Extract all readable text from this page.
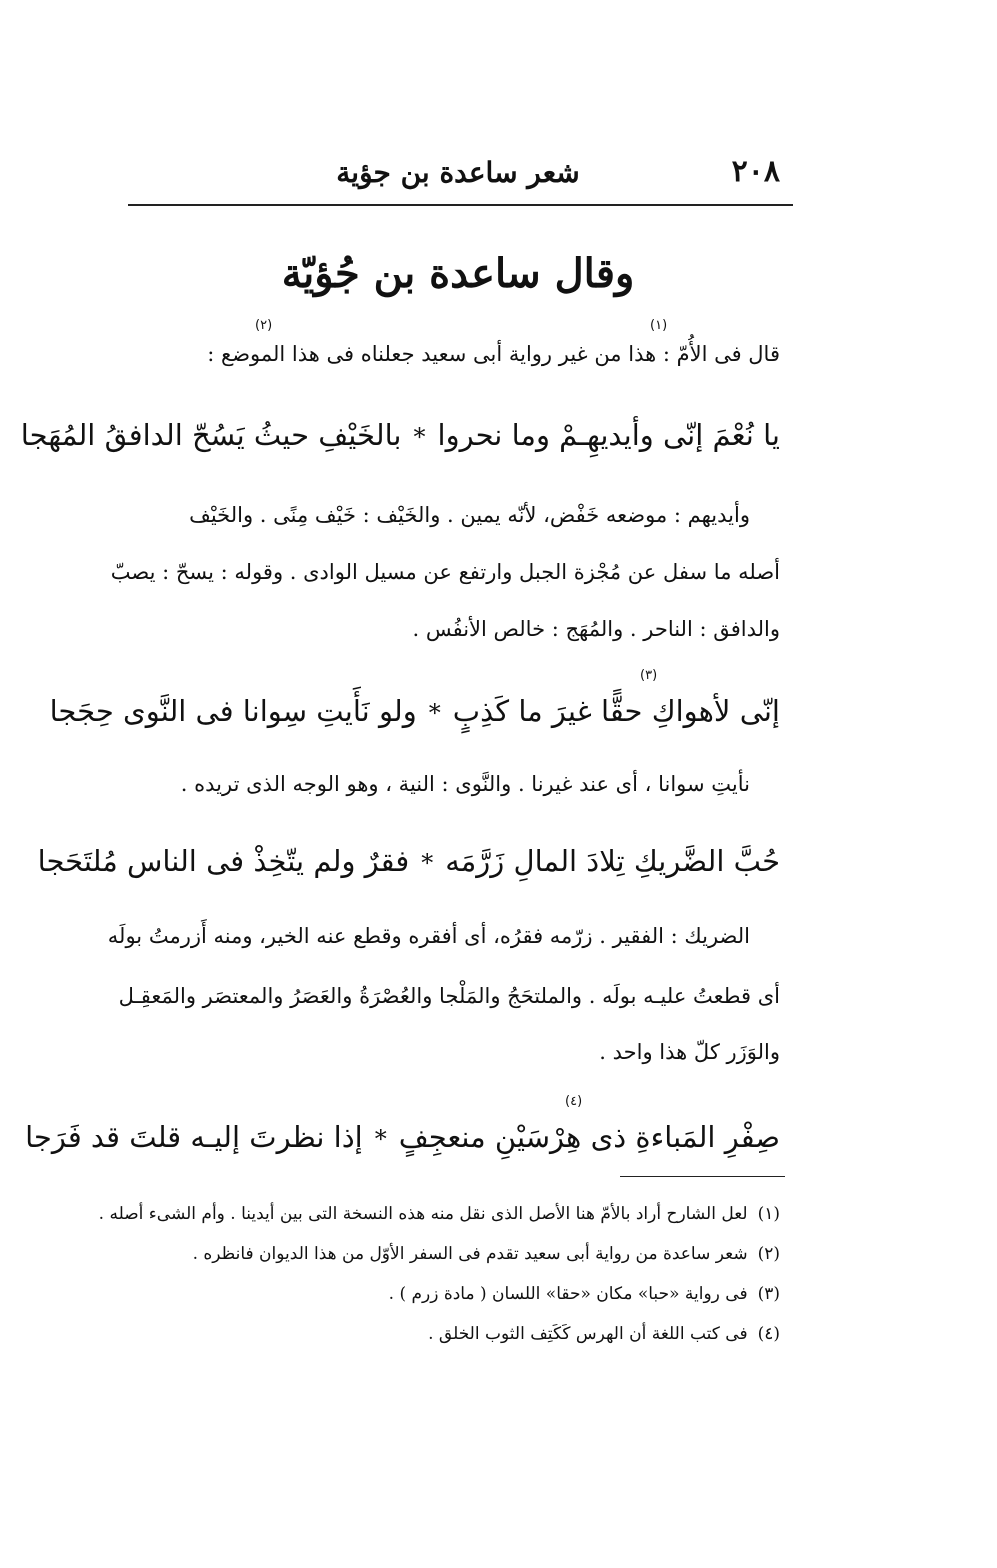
٢٠٨
شعر ساعدة بن جؤية
وقال ساعدة بن جُؤيّة
(١)
(٢)
قال فى الأُمّ : هذا من غير رواية أبى سعيد جعلناه فى هذا الموضع :
يا نُعْمَ إنّى وأيديهِـمْ وما نحروا*بالخَيْفِ حيثُ يَسُحّ الدافقُ المُهَجا
وأيديهم : موضعه خَفْض، لأنّه يمين . والخَيْف : خَيْف مِنًى . والخَيْف
أصله ما سفل عن مُجْزة الجبل وارتفع عن مسيل الوادى . وقوله : يسحّ : يصبّ
والدافق : الناحر . والمُهَج : خالص الأنفُس .
(٣)
إنّى لأهواكِ حقًّا غيرَ ما كَذِبٍ*ولو نَأَيتِ سِوانا فى النَّوى حِجَجا
نأيتِ سوانا ، أى عند غيرنا . والنَّوى : النية ، وهو الوجه الذى تريده .
حُبَّ الضَّريكِ تِلادَ المالِ زَرَّمَه*فقرٌ ولم يتّخِذْ فى الناس مُلتَحَجا
الضريك : الفقير . زرّمه فقرُه، أى أفقره وقطع عنه الخير، ومنه أَزرمتُ بولَه
أى قطعتُ عليـه بولَه . والملتحَجُ والمَلْجا والعُصْرَةُ والعَصَرُ والمعتصَر والمَعقِـل
والوَزَر كلّ هذا واحد .
(٤)
صِفْرِ المَباءةِ ذى هِرْسَيْنِ منعجِفٍ*إذا نظرتَ إليـه قلتَ قد فَرَجا
(١)لعل الشارح أراد بالأمّ هنا الأصل الذى نقل منه هذه النسخة التى بين أيدينا . وأم الشىء أصله .
(٢)شعر ساعدة من رواية أبى سعيد تقدم فى السفر الأوّل من هذا الديوان فانظره .
(٣)فى رواية «حبا» مكان «حقا» اللسان ( مادة زرم ) .
(٤)فى كتب اللغة أن الهرس كَكَتِف الثوب الخلق .
